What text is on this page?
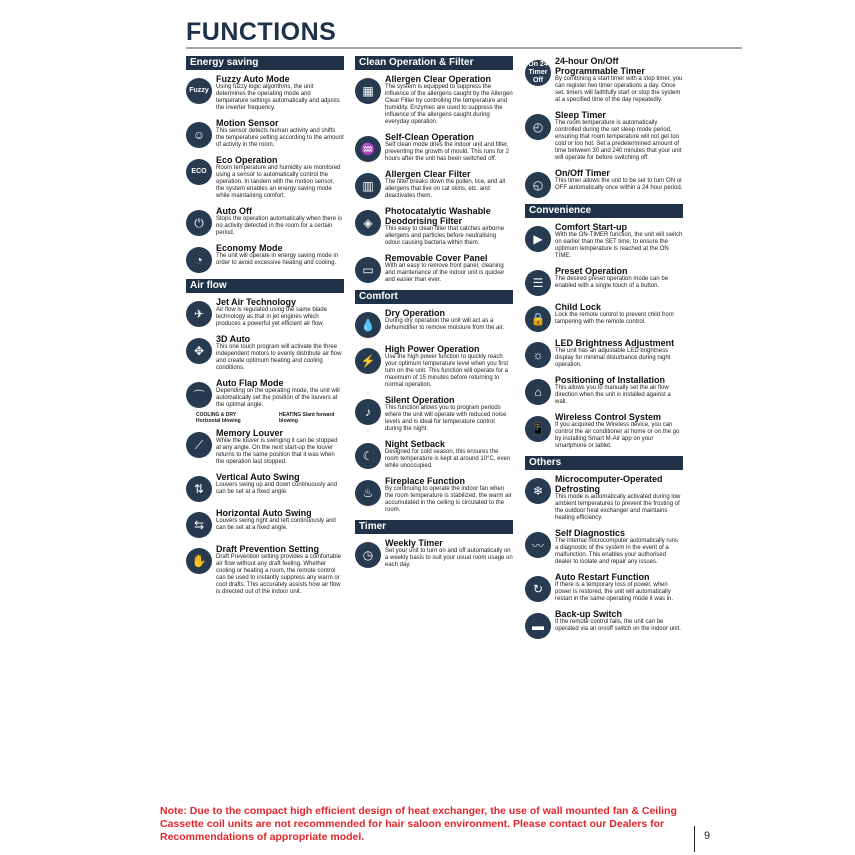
FUNCTIONS
Energy saving
Fuzzy
Fuzzy Auto Mode
Using fuzzy logic algorithms, the unit determines the operating mode and temperature settings automatically and adjusts the inverter frequency.
☺
Motion Sensor
This sensor detects human activity and shifts the temperature setting according to the amount of activity in the room.
ECO
Eco Operation
Room temperature and humidity are monitored using a sensor to automatically control the operation. In tandem with the motion sensor, the system enables an energy saving mode while maintaining comfort.
⏻
Auto Off
Stops the operation automatically when there is no activity detected in the room for a certain period.
◔
Economy Mode
The unit will operate in energy saving mode in order to avoid excessive heating and cooling.
Air flow
✈
Jet Air Technology
Air flow is regulated using the same blade technology as that in jet engines which produces a powerful yet efficient air flow.
✥
3D Auto
This one touch program will activate the three independent motors to evenly distribute air flow and create optimum heating and cooling conditions.
⌒
Auto Flap Mode
Depending on the operating mode, the unit will automatically set the position of the louvers at the optimal angle.
COOLING & DRY Horizontal blowing
HEATING Slant forward blowing
⟋
Memory Louver
While the louver is swinging it can be stopped at any angle. On the next start-up the louver returns to the same position that it was when the operation last stopped.
⇅
Vertical Auto Swing
Louvers swing up and down continuously and can be set at a fixed angle.
⇆
Horizontal Auto Swing
Louvers swing right and left continuously and can be set at a fixed angle.
✋
Draft Prevention Setting
Draft Prevention setting provides a comfortable air flow without any draft feeling. Whether cooling or heating a room, the remote control can be used to instantly suppress any warm or cool drafts. This accurately assists how air flow is directed out of the indoor unit.
Clean Operation & Filter
▦
Allergen Clear Operation
The system is equipped to suppress the influence of the allergens caught by the Allergen Clear Filter by controlling the temperature and humidity. Enzymes are used to suppress the influence of the allergens caught during everyday operation.
♒
Self-Clean Operation
Self clean mode dries the indoor unit and filter, preventing the growth of mould. This runs for 2 hours after the unit has been switched off.
▥
Allergen Clear Filter
The filter breaks down the pollen, lice, and all allergens that live on cat skins, etc. and deactivates them.
◈
Photocatalytic Washable Deodorising Filter
This easy to clean filter that catches airborne allergens and particles before neutralising odour causing bacteria within them.
▭
Removable Cover Panel
With an easy to remove front panel, cleaning and maintenance of the indoor unit is quicker and easier than ever.
Comfort
💧
Dry Operation
During dry operation the unit will act as a dehumidifier to remove moisture from the air.
⚡
High Power Operation
Use the high power function to quickly reach your optimum temperature level when you first turn on the unit. This function will operate for a maximum of 15 minutes before returning to normal operation.
♪
Silent Operation
This function allows you to program periods where the unit will operate with reduced noise levels and is ideal for temperature control during the night.
☾
Night Setback
Designed for cold season, this ensures the room temperature is kept at around 10°C, even while unoccupied.
♨
Fireplace Function
By continuing to operate the indoor fan when the room temperature is stabilized, the warm air accumulated in the ceiling is circulated to the room.
Timer
◷
Weekly Timer
Set your unit to turn on and off automatically on a weekly basis to suit your usual room usage on each day.
On 24 Timer Off
24-hour On/Off Programmable Timer
By combining a start timer with a stop timer, you can register two timer operations a day. Once set, timers will faithfully start or stop the system at a specified time of the day repeatedly.
◴
Sleep Timer
The room temperature is automatically controlled during the set sleep mode period, ensuring that room temperature will not get too cold or too hot. Set a predetermined amount of time between 30 and 240 minutes that your unit will operate for before switching off.
◵
On/Off Timer
This timer allows the unit to be set to turn ON or OFF automatically once within a 24 hour period.
Convenience
▶
Comfort Start-up
With the ON-TIMER function, the unit will switch on earlier than the SET time, to ensure the optimum temperature is reached at the ON TIME.
☰
Preset Operation
The desired preset operation mode can be enabled with a single touch of a button.
🔒
Child Lock
Lock the remote control to prevent child from tampering with the remote control.
☼
LED Brightness Adjustment
The unit has an adjustable LED brightness display for minimal disturbance during night operation.
⌂
Positioning of Installation
This allows you to manually set the air flow direction when the unit is installed against a wall.
📱
Wireless Control System
If you acquired the Wireless device, you can control the air conditioner at home or on the go by installing Smart M-Air app on your smartphone or tablet.
Others
❄
Microcomputer-Operated Defrosting
This mode is automatically activated during low ambient temperatures to prevent the frosting of the outdoor heat exchanger and maintains heating efficiency.
〰
Self Diagnostics
The internal microcomputer automatically runs a diagnostic of the system in the event of a malfunction. This enables your authorised dealer to isolate and repair any issues.
↻
Auto Restart Function
If there is a temporary loss of power, when power is restored, the unit will automatically restart in the same operating mode it was in.
▬
Back-up Switch
If the remote control fails, the unit can be operated via an on/off switch on the indoor unit.
Note: Due to the compact high efficient design of heat exchanger, the use of wall mounted fan & Ceiling Cassette coil units are not recommended for hair saloon environment. Please contact our Dealers for Recommendations of appropriate model.	9
